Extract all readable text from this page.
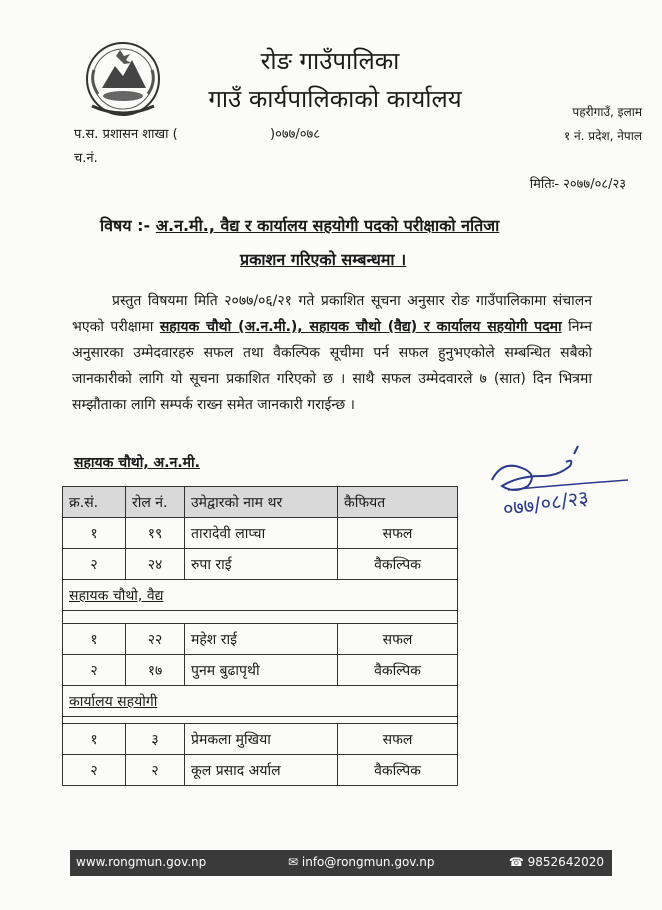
रोङ गाउँपालिका
गाउँ कार्यपालिकाको कार्यालय	पहरीगाउँ, इलाम
१ नं. प्रदेश, नेपाल
प.स. प्रशासन शाखा (	)०७७/०७८
च.नं.
मितिः- २०७७/०८/२३
विषय :- अ.न.मी., वैद्य र कार्यालय सहयोगी पदको परीक्षाको नतिजा
प्रकाशन गरिएको सम्बन्धमा ।
प्रस्तुत विषयमा मिति २०७७/०६/२१ गते प्रकाशित सूचना अनुसार रोङ गाउँपालिकामा संचालन भएको परीक्षामा सहायक चौथो (अ.न.मी.), सहायक चौथो (वैद्य) र कार्यालय सहयोगी पदमा निम्न अनुसारका उम्मेदवारहरु सफल तथा वैकल्पिक सूचीमा पर्न सफल हुनुभएकोले सम्बन्धित सबैको जानकारीको लागि यो सूचना प्रकाशित गरिएको छ । साथै सफल उम्मेदवारले ७ (सात) दिन भित्रमा सम्झौताका लागि सम्पर्क राख्न समेत जानकारी गराईन्छ ।
सहायक चौथो, अ.न.मी.
०७७/०८/२३
क्र.सं.	रोल नं.	उमेद्वारको नाम थर	कैफियत
१	१९	तारादेवी लाप्चा	सफल
२	२४	रुपा राई	वैकल्पिक
सहायक चौथो, वैद्य			

१	२२	महेश राई	सफल
२	१७	पुनम बुढापृथी	वैकल्पिक
कार्यालय सहयोगी			

१	३	प्रेमकला मुखिया	सफल
२	२	कूल प्रसाद अर्याल	वैकल्पिक
www.rongmun.gov.np	✉ info@rongmun.gov.np	☎ 9852642020
